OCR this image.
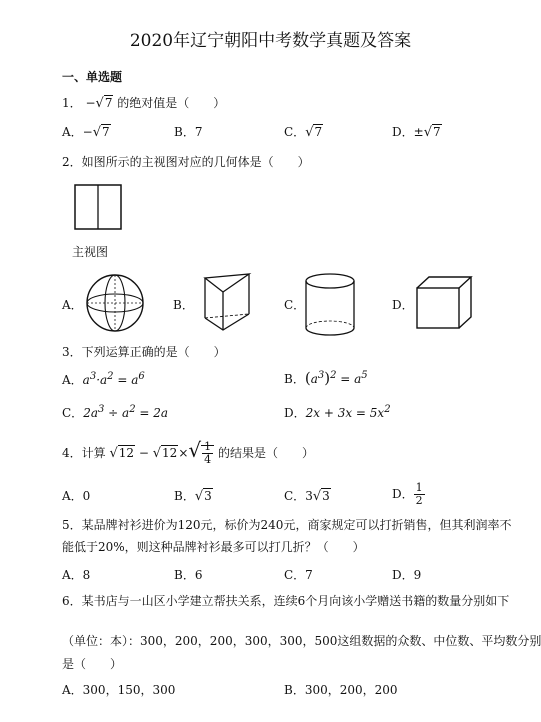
2020年辽宁朝阳中考数学真题及答案
一、单选题
1． −√7 的绝对值是（　　）
A．−√7	B．7	C．√7	D．±√7
2．如图所示的主视图对应的几何体是（　　）
主视图
A．	B．	C．	D．
3．下列运算正确的是（　　）
A．$a^3\cdot a^2 = a^6$	B．$(a^3)^2 = a^5$
C．$2a^3 \div a^2 = 2a$	D．$2x + 3x = 5x^2$
4．计算 $√12 - √12\times√ \frac{1}{4}$ 的结果是（　　）
A．0	B．√3	C．3√3	D． $\frac{1}{2}$
5．某品牌衬衫进价为120元，标价为240元，商家规定可以打折销售，但其利润率不
能低于20%，则这种品牌衬衫最多可以打几折？（　　）
A．8	B．6	C．7	D．9
6．某书店与一山区小学建立帮扶关系，连续6个月向该小学赠送书籍的数量分别如下
（单位：本）：300，200，200，300，300，500这组数据的众数、中位数、平均数分别
是（　　）
A．300，150，300	B．300，200，200
